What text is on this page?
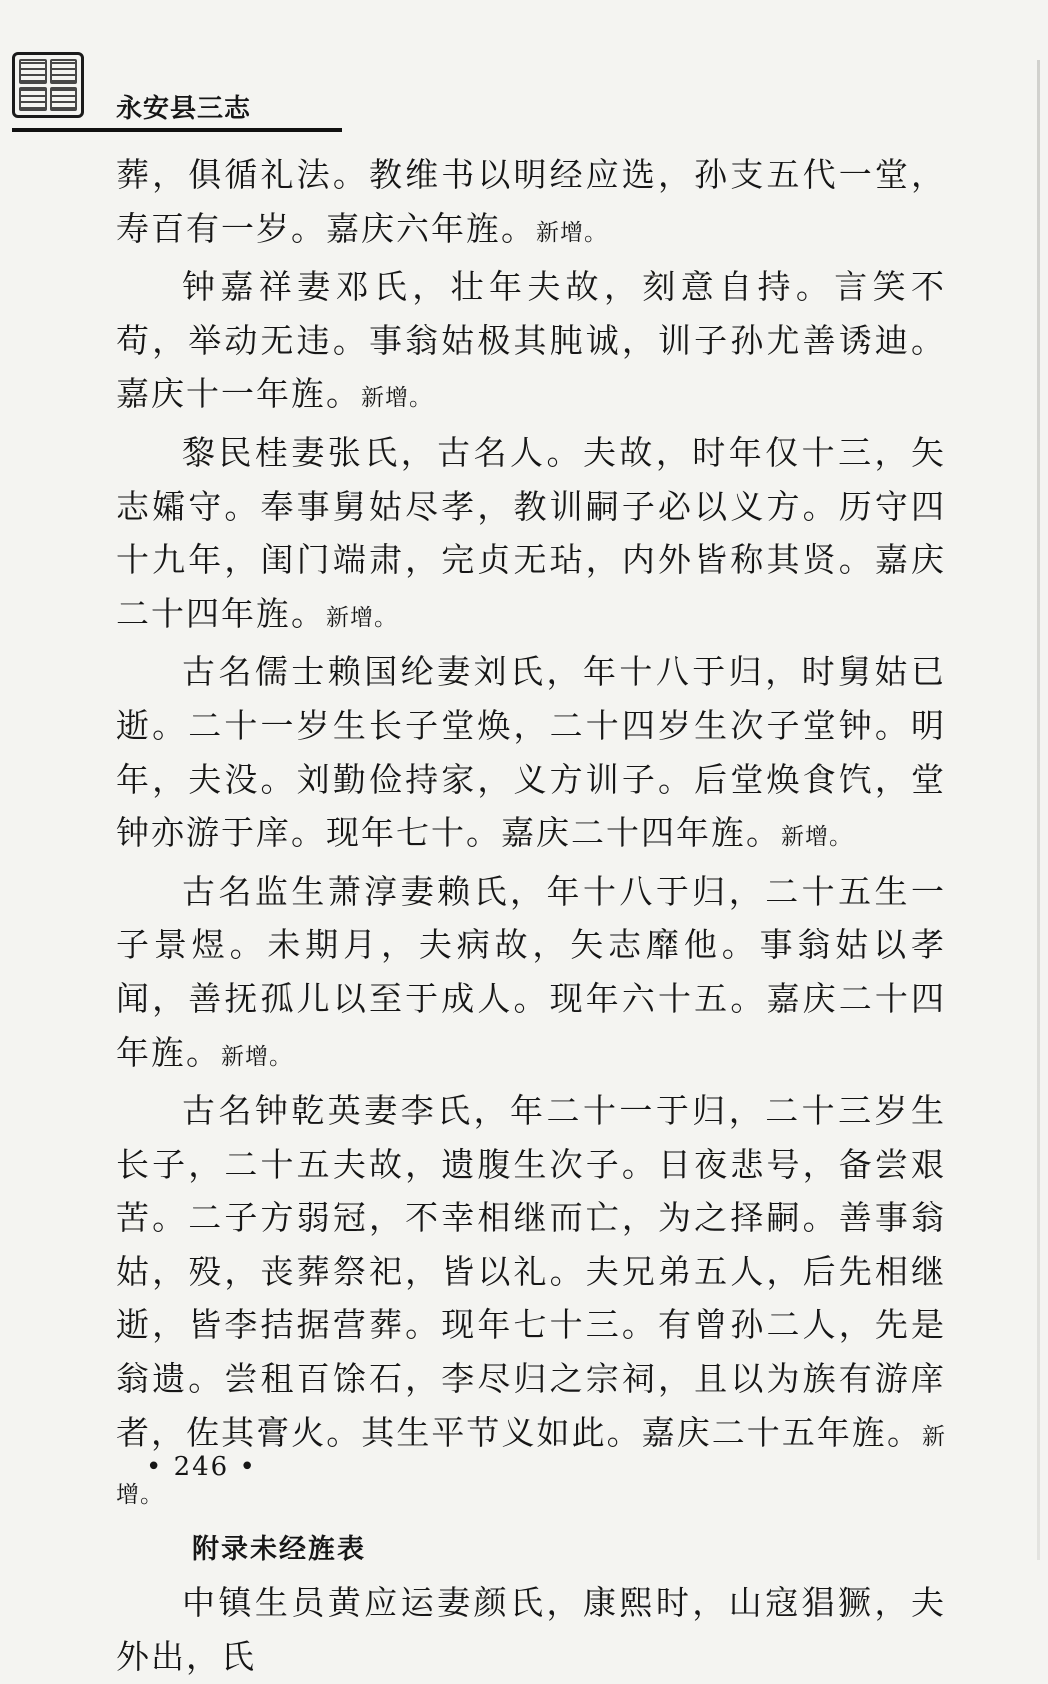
永安县三志

葬，俱循礼法。教维书以明经应选，孙支五代一堂，寿百有一岁。嘉庆六年旌。新增。

钟嘉祥妻邓氏，壮年夫故，刻意自持。言笑不苟，举动无违。事翁姑极其肫诚，训子孙尤善诱迪。嘉庆十一年旌。新增。

黎民桂妻张氏，古名人。夫故，时年仅十三，矢志孀守。奉事舅姑尽孝，教训嗣子必以义方。历守四十九年，闺门端肃，完贞无玷，内外皆称其贤。嘉庆二十四年旌。新增。

古名儒士赖国纶妻刘氏，年十八于归，时舅姑已逝。二十一岁生长子堂焕，二十四岁生次子堂钟。明年，夫没。刘勤俭持家，义方训子。后堂焕食饩，堂钟亦游于庠。现年七十。嘉庆二十四年旌。新增。

古名监生萧淳妻赖氏，年十八于归，二十五生一子景煜。未期月，夫病故，矢志靡他。事翁姑以孝闻，善抚孤儿以至于成人。现年六十五。嘉庆二十四年旌。新增。

古名钟乾英妻李氏，年二十一于归，二十三岁生长子，二十五夫故，遗腹生次子。日夜悲号，备尝艰苦。二子方弱冠，不幸相继而亡，为之择嗣。善事翁姑，殁，丧葬祭祀，皆以礼。夫兄弟五人，后先相继逝，皆李拮据营葬。现年七十三。有曾孙二人，先是翁遗。尝租百馀石，李尽归之宗祠，且以为族有游庠者，佐其膏火。其生平节义如此。嘉庆二十五年旌。新增。

附录未经旌表

中镇生员黄应运妻颜氏，康熙时，山寇猖獗，夫外出，氏

• 246 •
